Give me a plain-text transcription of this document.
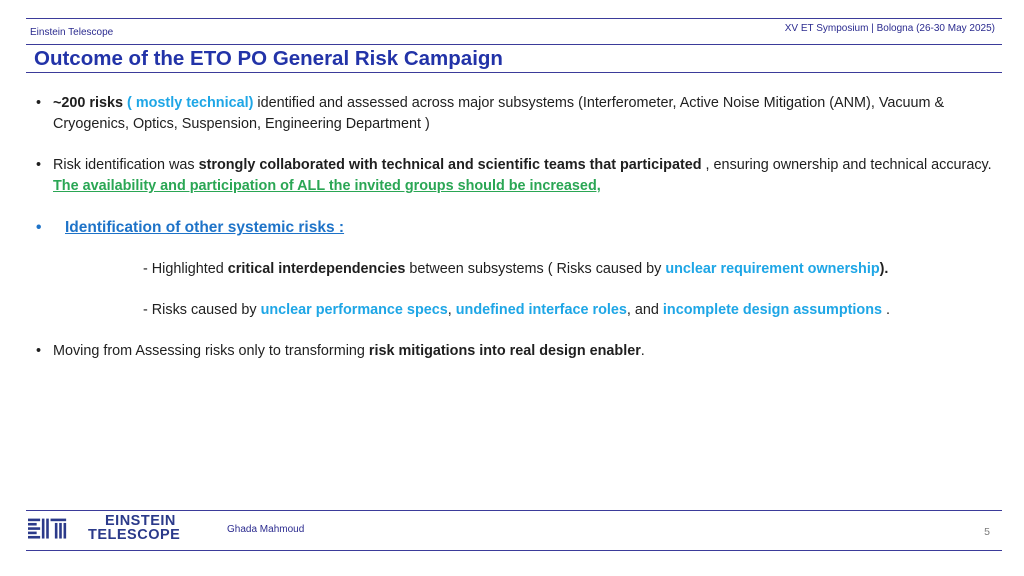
Einstein Telescope	XV ET Symposium | Bologna (26-30 May 2025)
Outcome of the ETO PO General Risk Campaign
• ~200 risks ( mostly technical) identified and assessed across major subsystems (Interferometer, Active Noise Mitigation (ANM), Vacuum & Cryogenics, Optics, Suspension, Engineering Department )
• Risk identification was strongly collaborated with technical and scientific teams that participated , ensuring ownership and technical accuracy. The availability and participation of ALL the invited groups should be increased,
• Identification of other systemic risks :
- Highlighted critical interdependencies between subsystems ( Risks caused by unclear requirement ownership).
- Risks caused by unclear performance specs, undefined interface roles, and incomplete design assumptions .
• Moving from Assessing risks only to transforming risk mitigations into real design enabler.
EINSTEIN
TELESCOPE	Ghada Mahmoud	5
